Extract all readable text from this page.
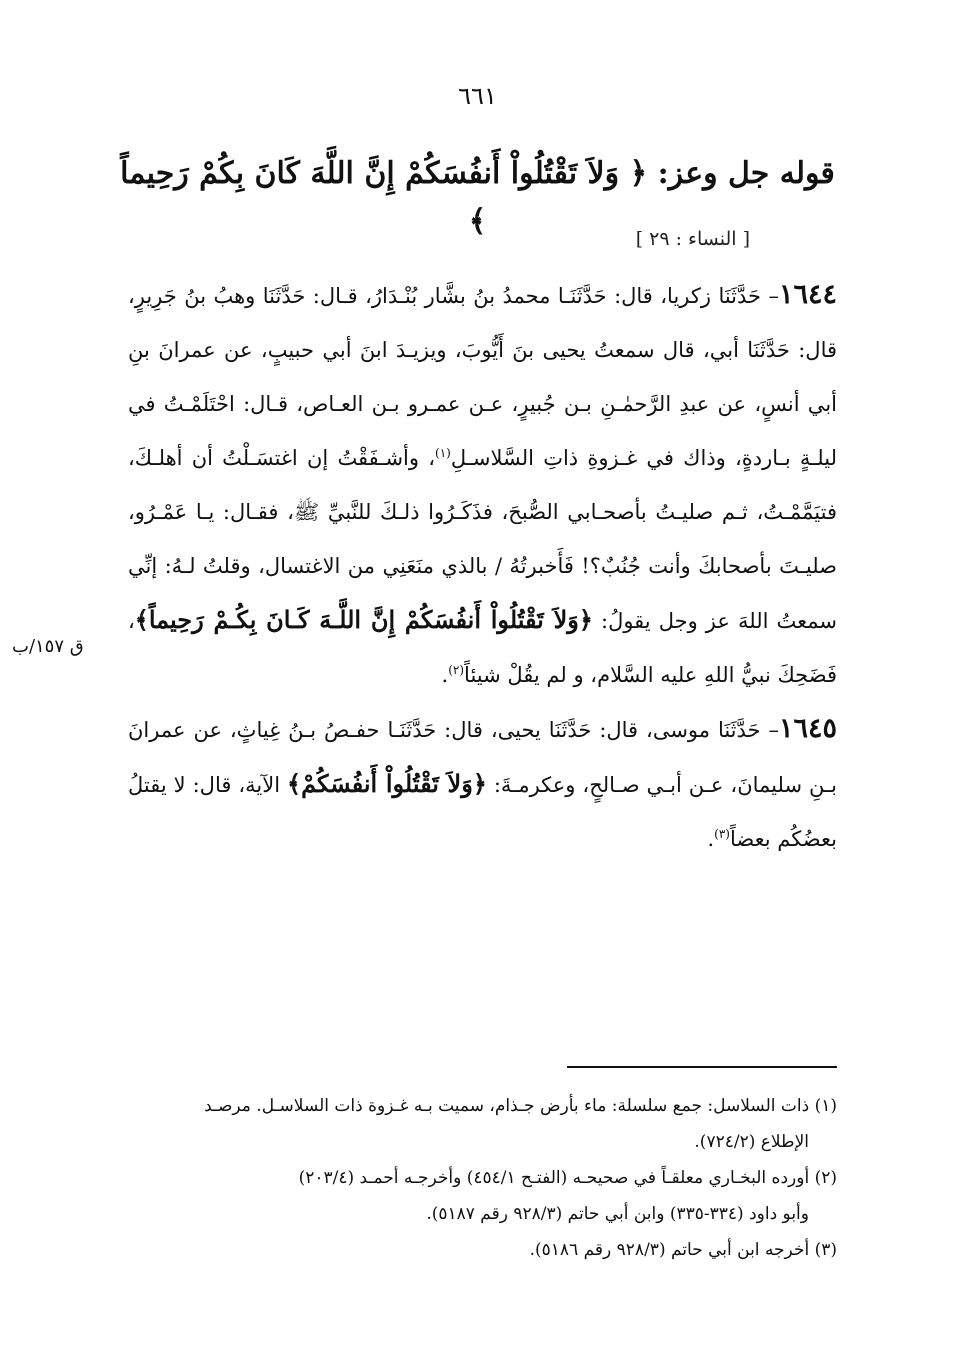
٦٦١
قوله جل وعز: ﴿ وَلاَ تَقْتُلُواْ أَنفُسَكُمْ إِنَّ اللَّهَ كَانَ بِكُمْ رَحِيماً ﴾	[ النساء : ٢٩ ]
ق ١٥٧/ب

١٦٤٤– حَدَّثَنَا زكريا، قال: حَدَّثَنَـا محمدُ بنُ بشَّار بُنْـدَارُ، قـال: حَدَّثَنَا وهبُ بنُ جَرِيرٍ، قال: حَدَّثَنَا أبي، قال سمعتُ يحيى بنَ أَيُّوبَ، ويزيـدَ ابنَ أبي حبيبٍ، عن عمرانَ بنِ أبي أنسٍ، عن عبدِ الرَّحمٰـنِ بـن جُبيرٍ، عـن عمـرو بـن العـاص، قـال: احْتَلَمْـتُ في ليلـةٍ بـاردةٍ، وذاك في غـزوةِ ذاتِ السَّلاسـلِ$^{(١)}$، وأشـفَقْتُ إن اغتسَـلْتُ أن أهلـكَ، فتيَمَّمْـتُ، ثـم صليـتُ بأصحـابي الصُّبحَ، فذَكَـرُوا ذلـكَ للنَّبيِّ ﷺ، فقـال: يـا عَمْـرُو، صليـتَ بأصحابكَ وأنت جُنُبٌ؟! فَأَخبرتُهُ / بالذي منَعَنِي من الاغتسال، وقلتُ لـهُ: إنِّي سمعتُ اللهَ عز وجل يقولُ: ﴿وَلاَ تَقْتُلُواْ أَنفُسَكُمْ إِنَّ اللَّـهَ كَـانَ بِكُـمْ رَحِيماً﴾، فَضَحِكَ نبيُّ اللهِ عليه السَّلام، و لم يقُلْ شيئاً$^{(٢)}$.

١٦٤٥– حَدَّثَنَا موسى، قال: حَدَّثَنَا يحيى، قال: حَدَّثَنَـا حفـصُ بـنُ غِياثٍ، عن عمرانَ بـنِ سليمانَ، عـن أبـي صـالحٍ، وعكرمـةَ: ﴿وَلاَ تَقْتُلُواْ أَنفُسَكُمْ﴾ الآية، قال: لا يقتلُ بعضُكُم بعضاً$^{(٣)}$.

(١) ذات السلاسل: جمع سلسلة: ماء بأرض جـذام، سميت بـه غـزوة ذات السلاسـل. مرصـد

الإطلاع (٧٢٤/٢).

(٢) أورده البخـاري معلقـاً في صحيحـه (الفتـح ٤٥٤/١) وأخرجـه أحمـد (٢٠٣/٤)

وأبو داود (٣٣٤-٣٣٥) وابن أبي حاتم (٩٢٨/٣ رقم ٥١٨٧).

(٣) أخرجه ابن أبي حاتم (٩٢٨/٣ رقم ٥١٨٦).
